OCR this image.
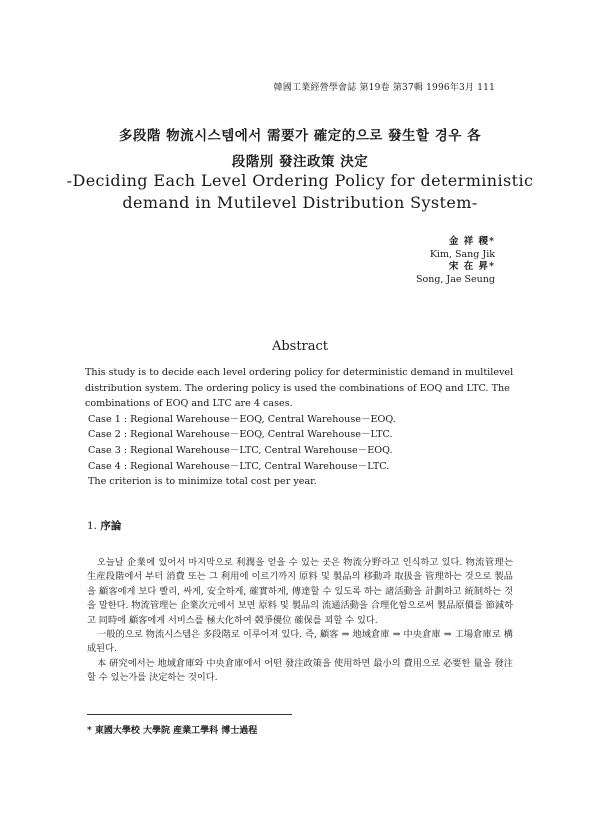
韓國工業經營學會誌 第19卷 第37輯 1996年3月 111
多段階 物流시스템에서 需要가 確定的으로 發生할 경우 各
段階別 發注政策 決定
-Deciding Each Level Ordering Policy for deterministic
demand in Mutilevel Distribution System-
金 祥 稷*
Kim, Sang Jik
宋 在 昇*
Song, Jae Seung
Abstract

This study is to decide each level ordering policy for deterministic demand in multilevel distribution system. The ordering policy is used the combinations of EOQ and LTC. The combinations of EOQ and LTC are 4 cases.

Case 1 : Regional Warehouse－EOQ, Central Warehouse－EOQ.

Case 2 : Regional Warehouse－EOQ, Central Warehouse－LTC.

Case 3 : Regional Warehouse－LTC, Central Warehouse－EOQ.

Case 4 : Regional Warehouse－LTC, Central Warehouse－LTC.

The criterion is to minimize total cost per year.

1. 序論

오늘날 企業에 있어서 마지막으로 利潤을 얻을 수 있는 곳은 物流分野라고 인식하고 있다. 物流管理는 生産段階에서 부터 消費 또는 그 利用에 이르기까지 原料 및 製品의 移動과 取扱을 管理하는 것으로 製品을 顧客에게 보다 빨리, 싸게, 安全하게, 確實하게, 傳達할 수 있도록 하는 諸活動을 計劃하고 統制하는 것을 말한다. 物流管理는 企業次元에서 보면 原料 및 製品의 流通活動을 合理化함으로써 製品原價를 節減하고 同時에 顧客에게 서비스를 極大化하여 競爭優位 確保를 꾀할 수 있다.

一般的으로 物流시스템은 多段階로 이루어져 있다. 즉, 顧客 ⇒ 地域倉庫 ⇒ 中央倉庫 ⇒ 工場倉庫로 構成된다.

本 硏究에서는 地域倉庫와 中央倉庫에서 어떤 發注政策을 使用하면 最小의 費用으로 必要한 量을 發注할 수 있는가를 決定하는 것이다.

* 東國大學校 大學院 産業工學科 博士過程
